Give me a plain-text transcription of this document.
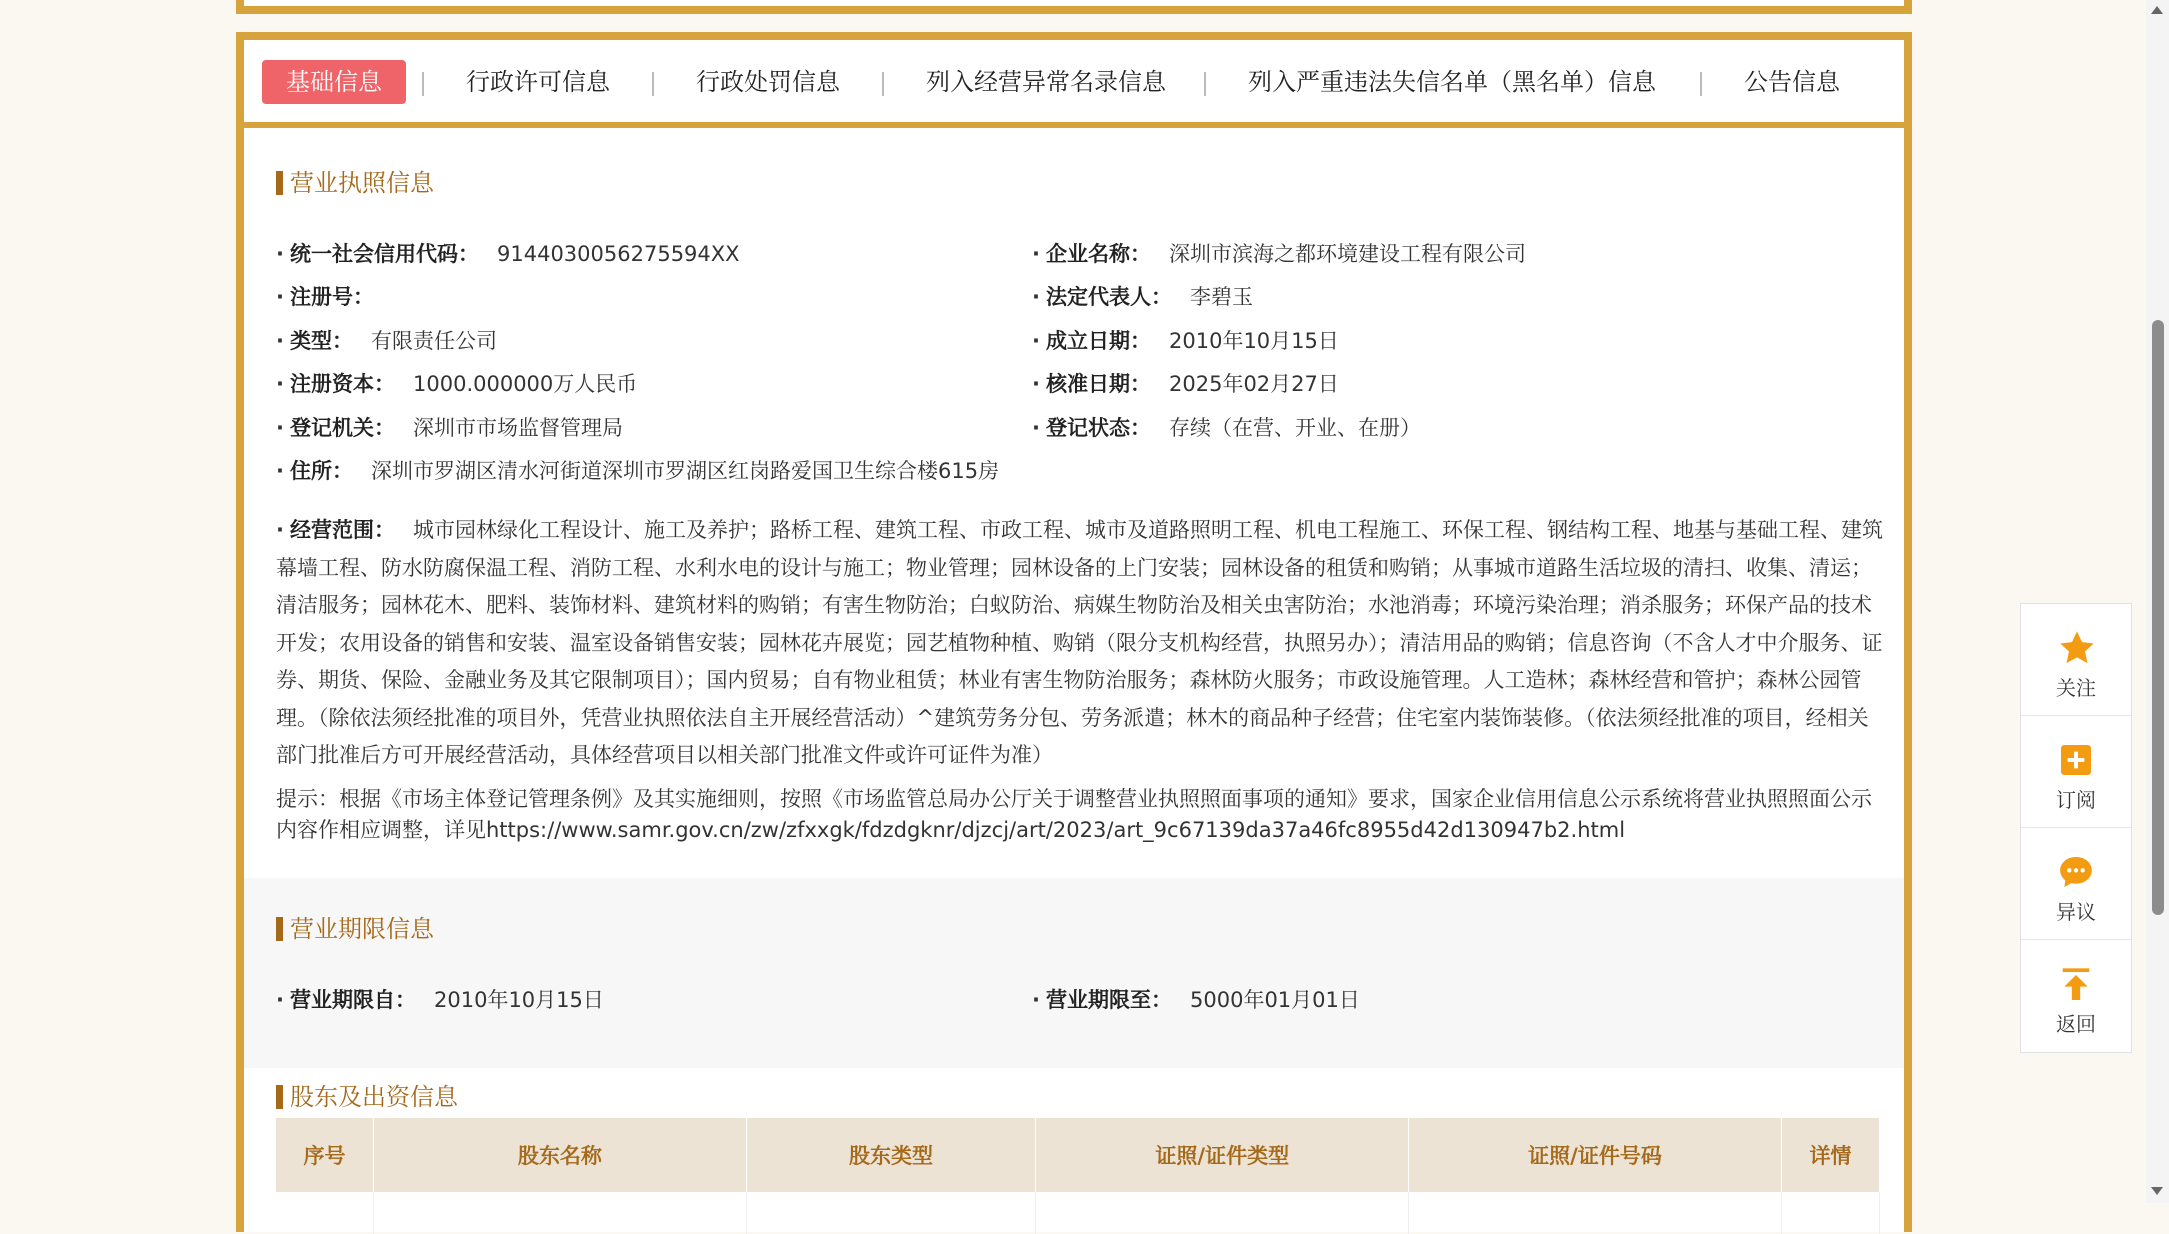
基础信息	行政许可信息	行政处罚信息	列入经营异常名录信息	列入严重违法失信名单（黑名单）信息	公告信息
营业执照信息
· 统一社会信用代码： 9144030056275594XX	· 企业名称： 深圳市滨海之都环境建设工程有限公司
· 注册号：	· 法定代表人： 李碧玉
· 类型： 有限责任公司	· 成立日期： 2010年10月15日
· 注册资本： 1000.000000万人民币	· 核准日期： 2025年02月27日
· 登记机关： 深圳市市场监督管理局	· 登记状态： 存续（在营、开业、在册）
· 住所： 深圳市罗湖区清水河街道深圳市罗湖区红岗路爱国卫生综合楼615房
· 经营范围： 城市园林绿化工程设计、施工及养护；路桥工程、建筑工程、市政工程、城市及道路照明工程、机电工程施工、环保工程、钢结构工程、地基与基础工程、建筑幕墙工程、防水防腐保温工程、消防工程、水利水电的设计与施工；物业管理；园林设备的上门安装；园林设备的租赁和购销；从事城市道路生活垃圾的清扫、收集、清运；清洁服务；园林花木、肥料、装饰材料、建筑材料的购销；有害生物防治；白蚁防治、病媒生物防治及相关虫害防治；水池消毒；环境污染治理；消杀服务；环保产品的技术开发；农用设备的销售和安装、温室设备销售安装；园林花卉展览；园艺植物种植、购销（限分支机构经营，执照另办）；清洁用品的购销；信息咨询（不含人才中介服务、证券、期货、保险、金融业务及其它限制项目）；国内贸易；自有物业租赁；林业有害生物防治服务；森林防火服务；市政设施管理。人工造林；森林经营和管护；森林公园管理。（除依法须经批准的项目外，凭营业执照依法自主开展经营活动）^建筑劳务分包、劳务派遣；林木的商品种子经营；住宅室内装饰装修。（依法须经批准的项目，经相关部门批准后方可开展经营活动，具体经营项目以相关部门批准文件或许可证件为准）
提示：根据《市场主体登记管理条例》及其实施细则，按照《市场监管总局办公厅关于调整营业执照照面事项的通知》要求，国家企业信用信息公示系统将营业执照照面公示内容作相应调整，详见https://www.samr.gov.cn/zw/zfxxgk/fdzdgknr/djzcj/art/2023/art_9c67139da37a46fc8955d42d130947b2.html
营业期限信息
· 营业期限自： 2010年10月15日	· 营业期限至： 5000年01月01日
股东及出资信息
序号	股东名称	股东类型	证照/证件类型	证照/证件号码	详情

关注
订阅
异议
返回
